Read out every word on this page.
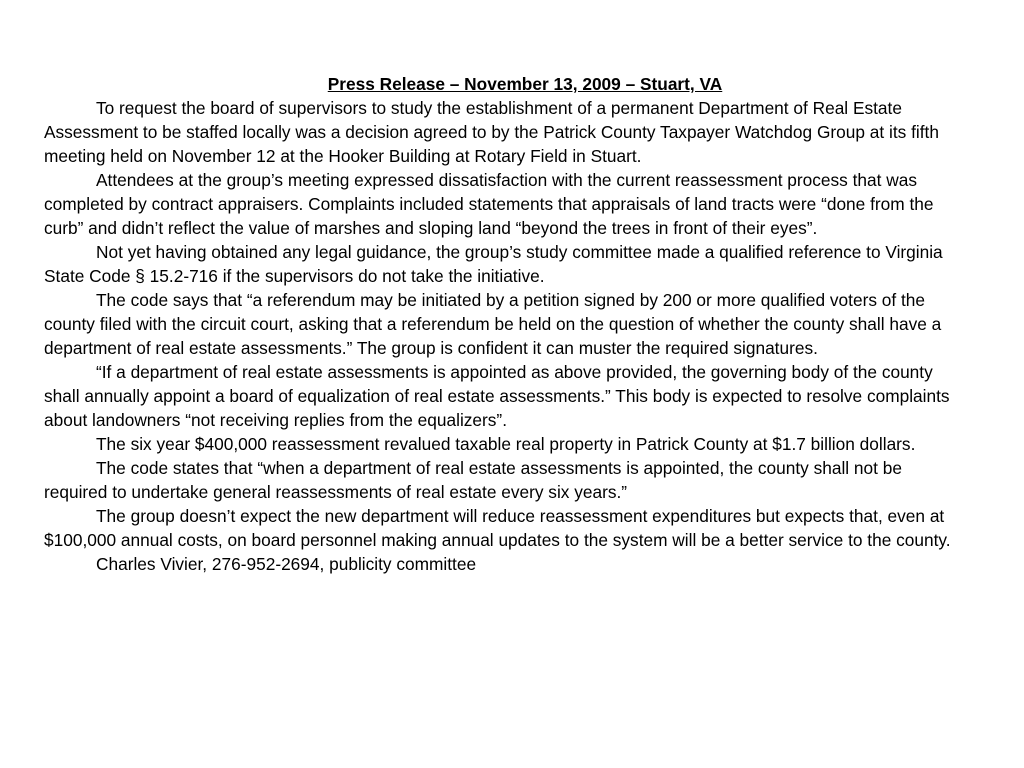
Press Release – November 13, 2009 – Stuart, VA

To request the board of supervisors to study the establishment of a permanent Department of Real Estate Assessment to be staffed locally was a decision agreed to by the Patrick County Taxpayer Watchdog Group at its fifth meeting held on November 12 at the Hooker Building at Rotary Field in Stuart.

Attendees at the group’s meeting expressed dissatisfaction with the current reassessment process that was completed by contract appraisers. Complaints included statements that appraisals of land tracts were “done from the curb” and didn’t reflect the value of marshes and sloping land “beyond the trees in front of their eyes”.

Not yet having obtained any legal guidance, the group’s study committee made a qualified reference to Virginia State Code § 15.2-716 if the supervisors do not take the initiative.

The code says that “a referendum may be initiated by a petition signed by 200 or more qualified voters of the county filed with the circuit court, asking that a referendum be held on the question of whether the county shall have a department of real estate assessments.” The group is confident it can muster the required signatures.

“If a department of real estate assessments is appointed as above provided, the governing body of the county shall annually appoint a board of equalization of real estate assessments.” This body is expected to resolve complaints about landowners “not receiving replies from the equalizers”.

The six year $400,000 reassessment revalued taxable real property in Patrick County at $1.7 billion dollars.

The code states that “when a department of real estate assessments is appointed, the county shall not be required to undertake general reassessments of real estate every six years.”

The group doesn’t expect the new department will reduce reassessment expenditures but expects that, even at $100,000 annual costs, on board personnel making annual updates to the system will be a better service to the county.

Charles Vivier, 276-952-2694, publicity committee
